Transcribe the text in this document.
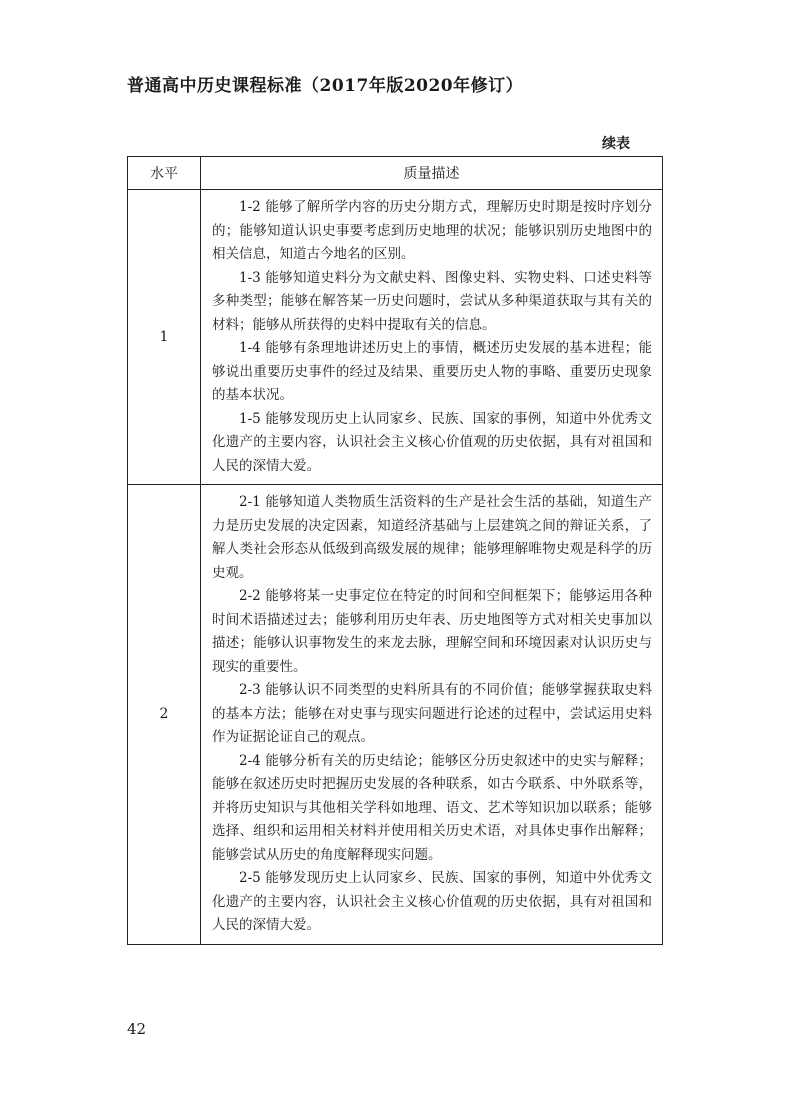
普通高中历史课程标准（2017年版2020年修订）
续表
水平	质量描述
1	1-2 能够了解所学内容的历史分期方式，理解历史时期是按时序划分的；能够知道认识史事要考虑到历史地理的状况；能够识别历史地图中的相关信息，知道古今地名的区别。

1-3 能够知道史料分为文献史料、图像史料、实物史料、口述史料等多种类型；能够在解答某一历史问题时，尝试从多种渠道获取与其有关的材料；能够从所获得的史料中提取有关的信息。

1-4 能够有条理地讲述历史上的事情，概述历史发展的基本进程；能够说出重要历史事件的经过及结果、重要历史人物的事略、重要历史现象的基本状况。

1-5 能够发现历史上认同家乡、民族、国家的事例，知道中外优秀文化遗产的主要内容，认识社会主义核心价值观的历史依据，具有对祖国和人民的深情大爱。

2	2-1 能够知道人类物质生活资料的生产是社会生活的基础，知道生产力是历史发展的决定因素，知道经济基础与上层建筑之间的辩证关系，了解人类社会形态从低级到高级发展的规律；能够理解唯物史观是科学的历史观。

2-2 能够将某一史事定位在特定的时间和空间框架下；能够运用各种时间术语描述过去；能够利用历史年表、历史地图等方式对相关史事加以描述；能够认识事物发生的来龙去脉，理解空间和环境因素对认识历史与现实的重要性。

2-3 能够认识不同类型的史料所具有的不同价值；能够掌握获取史料的基本方法；能够在对史事与现实问题进行论述的过程中，尝试运用史料作为证据论证自己的观点。

2-4 能够分析有关的历史结论；能够区分历史叙述中的史实与解释；能够在叙述历史时把握历史发展的各种联系，如古今联系、中外联系等，并将历史知识与其他相关学科如地理、语文、艺术等知识加以联系；能够选择、组织和运用相关材料并使用相关历史术语，对具体史事作出解释；能够尝试从历史的角度解释现实问题。

2-5 能够发现历史上认同家乡、民族、国家的事例，知道中外优秀文化遗产的主要内容，认识社会主义核心价值观的历史依据，具有对祖国和人民的深情大爱。

42
